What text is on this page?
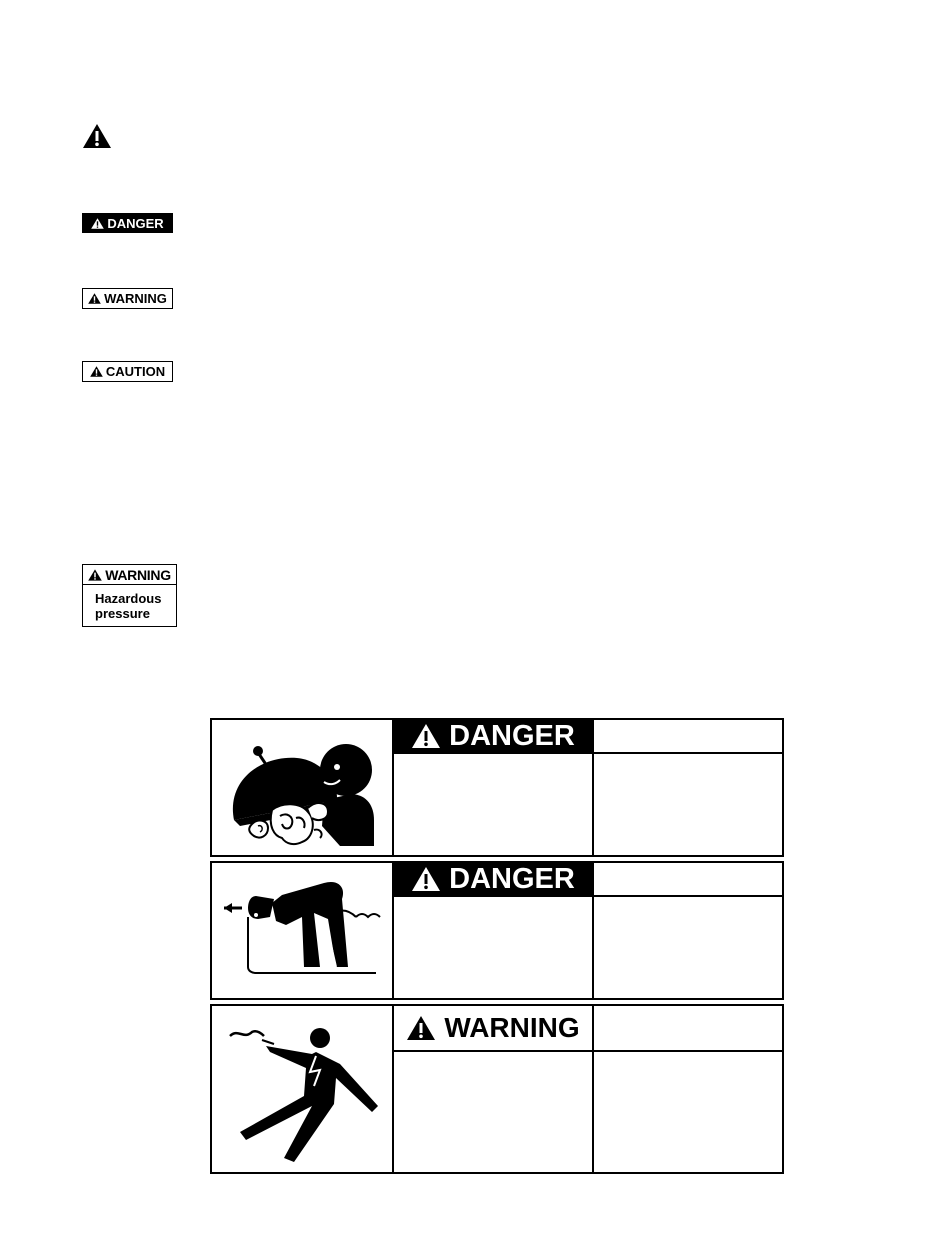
DANGER
WARNING
CAUTION
WARNING
Hazardous
pressure
DANGER
DANGER
WARNING
